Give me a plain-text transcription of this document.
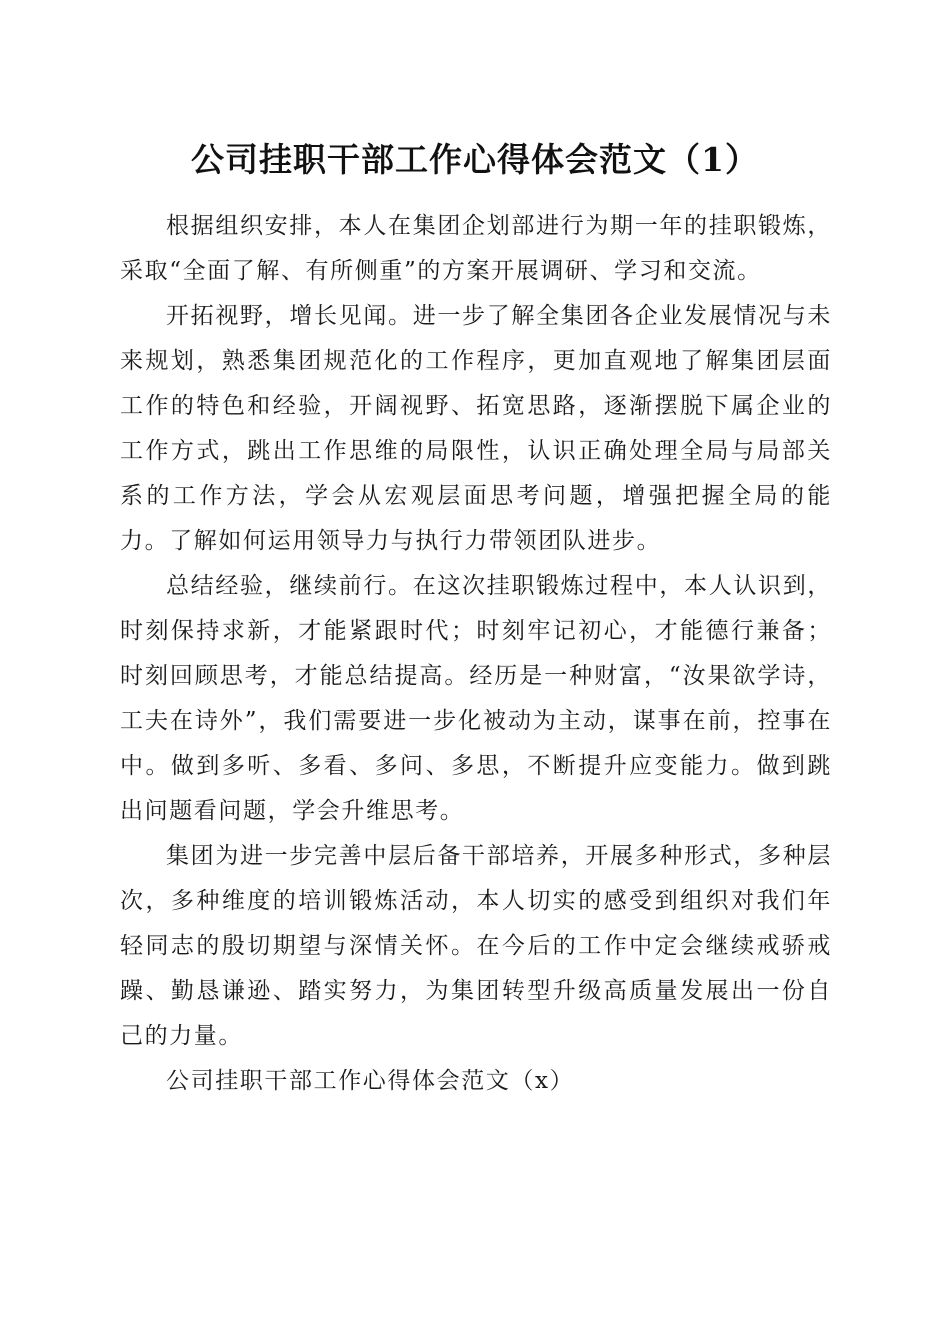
公司挂职干部工作心得体会范文（1）

根据组织安排，本人在集团企划部进行为期一年的挂职锻炼，采取“全面了解、有所侧重”的方案开展调研、学习和交流。

开拓视野，增长见闻。进一步了解全集团各企业发展情况与未来规划，熟悉集团规范化的工作程序，更加直观地了解集团层面工作的特色和经验，开阔视野、拓宽思路，逐渐摆脱下属企业的工作方式，跳出工作思维的局限性，认识正确处理全局与局部关系的工作方法，学会从宏观层面思考问题，增强把握全局的能力。了解如何运用领导力与执行力带领团队进步。

总结经验，继续前行。在这次挂职锻炼过程中，本人认识到，时刻保持求新，才能紧跟时代；时刻牢记初心，才能德行兼备；时刻回顾思考，才能总结提高。经历是一种财富，“汝果欲学诗，工夫在诗外”，我们需要进一步化被动为主动，谋事在前，控事在中。做到多听、多看、多问、多思，不断提升应变能力。做到跳出问题看问题，学会升维思考。

集团为进一步完善中层后备干部培养，开展多种形式，多种层次，多种维度的培训锻炼活动，本人切实的感受到组织对我们年轻同志的殷切期望与深情关怀。在今后的工作中定会继续戒骄戒躁、勤恳谦逊、踏实努力，为集团转型升级高质量发展出一份自己的力量。

公司挂职干部工作心得体会范文（x）
